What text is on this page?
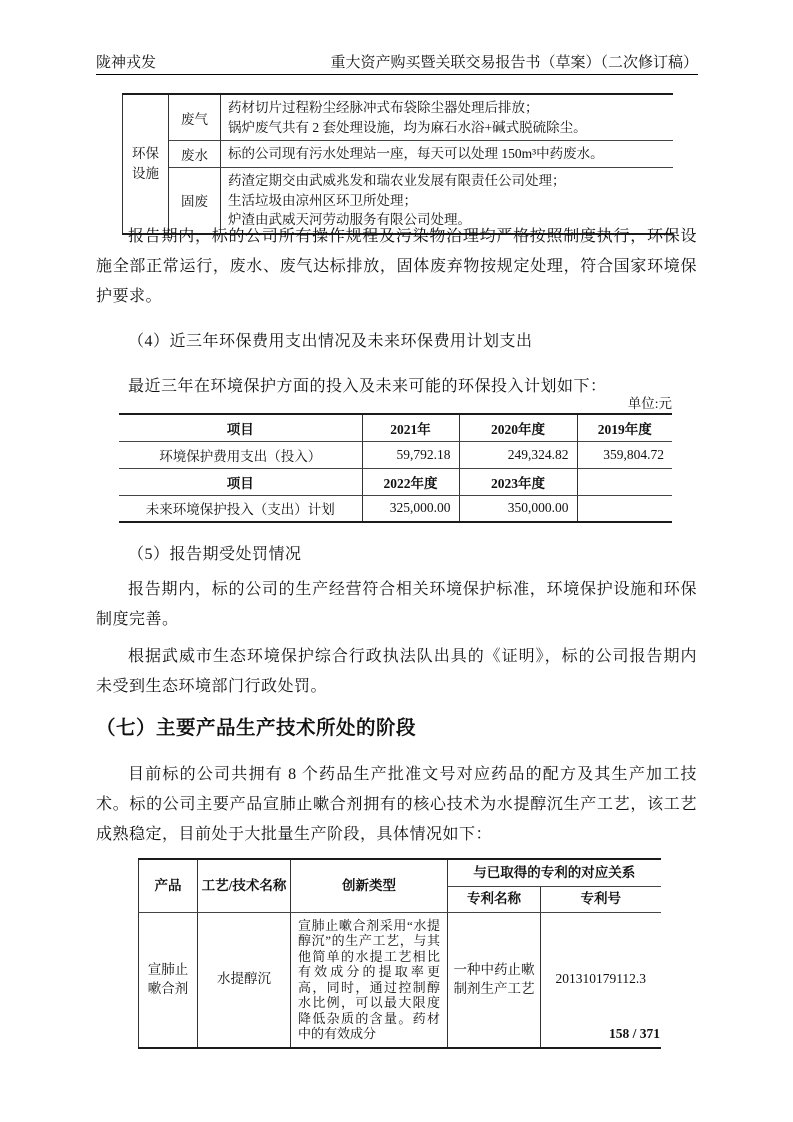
陇神戎发	重大资产购买暨关联交易报告书（草案）（二次修订稿）
环保设施	废气	药材切片过程粉尘经脉冲式布袋除尘器处理后排放；
锅炉废气共有 2 套处理设施，均为麻石水浴+碱式脱硫除尘。

	废水	标的公司现有污水处理站一座，每天可以处理 150m³中药废水。

	固废	药渣定期交由武威兆发和瑞农业发展有限责任公司处理；
生活垃圾由凉州区环卫所处理；
炉渣由武威天河劳动服务有限公司处理。
报告期内，标的公司所有操作规程及污染物治理均严格按照制度执行，环保设施全部正常运行，废水、废气达标排放，固体废弃物按规定处理，符合国家环境保护要求。
（4）近三年环保费用支出情况及未来环保费用计划支出
最近三年在环境保护方面的投入及未来可能的环保投入计划如下：
单位:元
项目	2021年	2020年度	2019年度
环境保护费用支出（投入）	59,792.18	249,324.82	359,804.72
项目	2022年度	2023年度	
未来环境保护投入（支出）计划	325,000.00	350,000.00	
（5）报告期受处罚情况
报告期内，标的公司的生产经营符合相关环境保护标准，环境保护设施和环保制度完善。
根据武威市生态环境保护综合行政执法队出具的《证明》，标的公司报告期内未受到生态环境部门行政处罚。
（七）主要产品生产技术所处的阶段
目前标的公司共拥有 8 个药品生产批准文号对应药品的配方及其生产加工技术。标的公司主要产品宣肺止嗽合剂拥有的核心技术为水提醇沉生产工艺，该工艺成熟稳定，目前处于大批量生产阶段，具体情况如下：
产品	工艺/技术名称	创新类型	与已取得的专利的对应关系	
			专利名称	专利号
宣肺止嗽合剂	水提醇沉	宣肺止嗽合剂采用“水提醇沉”的生产工艺，与其他简单的水提工艺相比有效成分的提取率更高，同时，通过控制醇水比例，可以最大限度降低杂质的含量。药材中的有效成分	一种中药止嗽制剂生产工艺	201310179112.3
158 / 371
